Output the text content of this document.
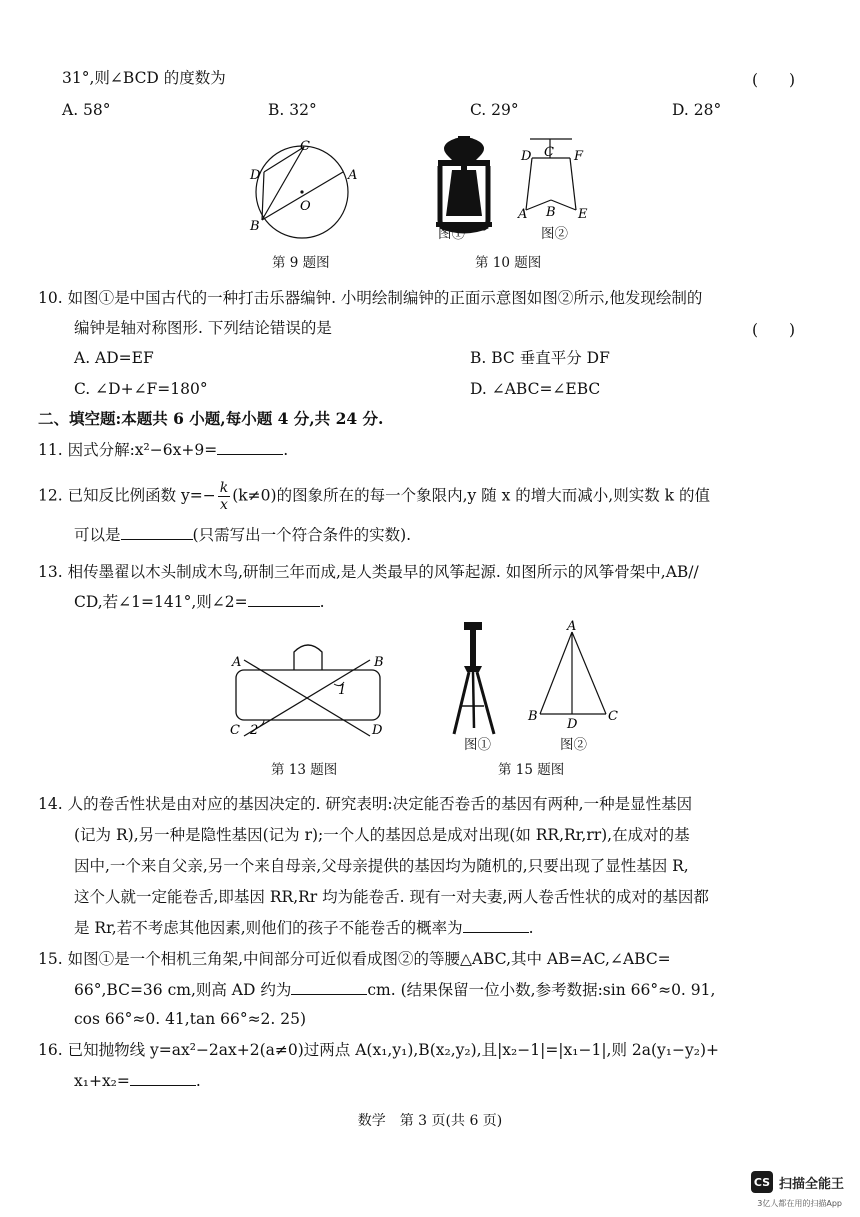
31°,则∠BCD 的度数为	(　　)
A. 58°	B. 32°	C. 29°	D. 28°
C
D	A
B
O
D C F
A B E
图①	图②
第 9 题图	第 10 题图
10. 如图①是中国古代的一种打击乐器编钟. 小明绘制编钟的正面示意图如图②所示,他发现绘制的
编钟是轴对称图形. 下列结论错误的是	(　　)
A. AD=EF	B. BC 垂直平分 DF
C. ∠D+∠F=180°	D. ∠ABC=∠EBC
二、填空题:本题共 6 小题,每小题 4 分,共 24 分.
11. 因式分解:x²−6x+9=	.
12. 已知反比例函数 $y=- \frac{k}{x} (k\ne 0)$的图象所在的每一个象限内,y 随 x 的增大而减小,则实数 k 的值
可以是	(只需写出一个符合条件的实数).
13. 相传墨翟以木头制成木鸟,研制三年而成,是人类最早的风筝起源. 如图所示的风筝骨架中,AB//
CD,若∠1=141°,则∠2=	.
A	B
C	D
1
2
A
B	C
D
图①	图②
第 13 题图	第 15 题图
14. 人的卷舌性状是由对应的基因决定的. 研究表明:决定能否卷舌的基因有两种,一种是显性基因
(记为 R),另一种是隐性基因(记为 r);一个人的基因总是成对出现(如 RR,Rr,rr),在成对的基
因中,一个来自父亲,另一个来自母亲,父母亲提供的基因均为随机的,只要出现了显性基因 R,
这个人就一定能卷舌,即基因 RR,Rr 均为能卷舌. 现有一对夫妻,两人卷舌性状的成对的基因都
是 Rr,若不考虑其他因素,则他们的孩子不能卷舌的概率为	.
15. 如图①是一个相机三角架,中间部分可近似看成图②的等腰△ABC,其中 AB=AC,∠ABC=
66°,BC=36 cm,则高 AD 约为	cm. (结果保留一位小数,参考数据:sin 66°≈0. 91,
cos 66°≈0. 41,tan 66°≈2. 25)
16. 已知抛物线 y=ax²−2ax+2(a≠0)过两点 A(x₁,y₁),B(x₂,y₂),且|x₂−1|=|x₁−1|,则 2a(y₁−y₂)+
x₁+x₂=	.
数学　第 3 页(共 6 页)
CS 扫描全能王
3亿人都在用的扫描App
